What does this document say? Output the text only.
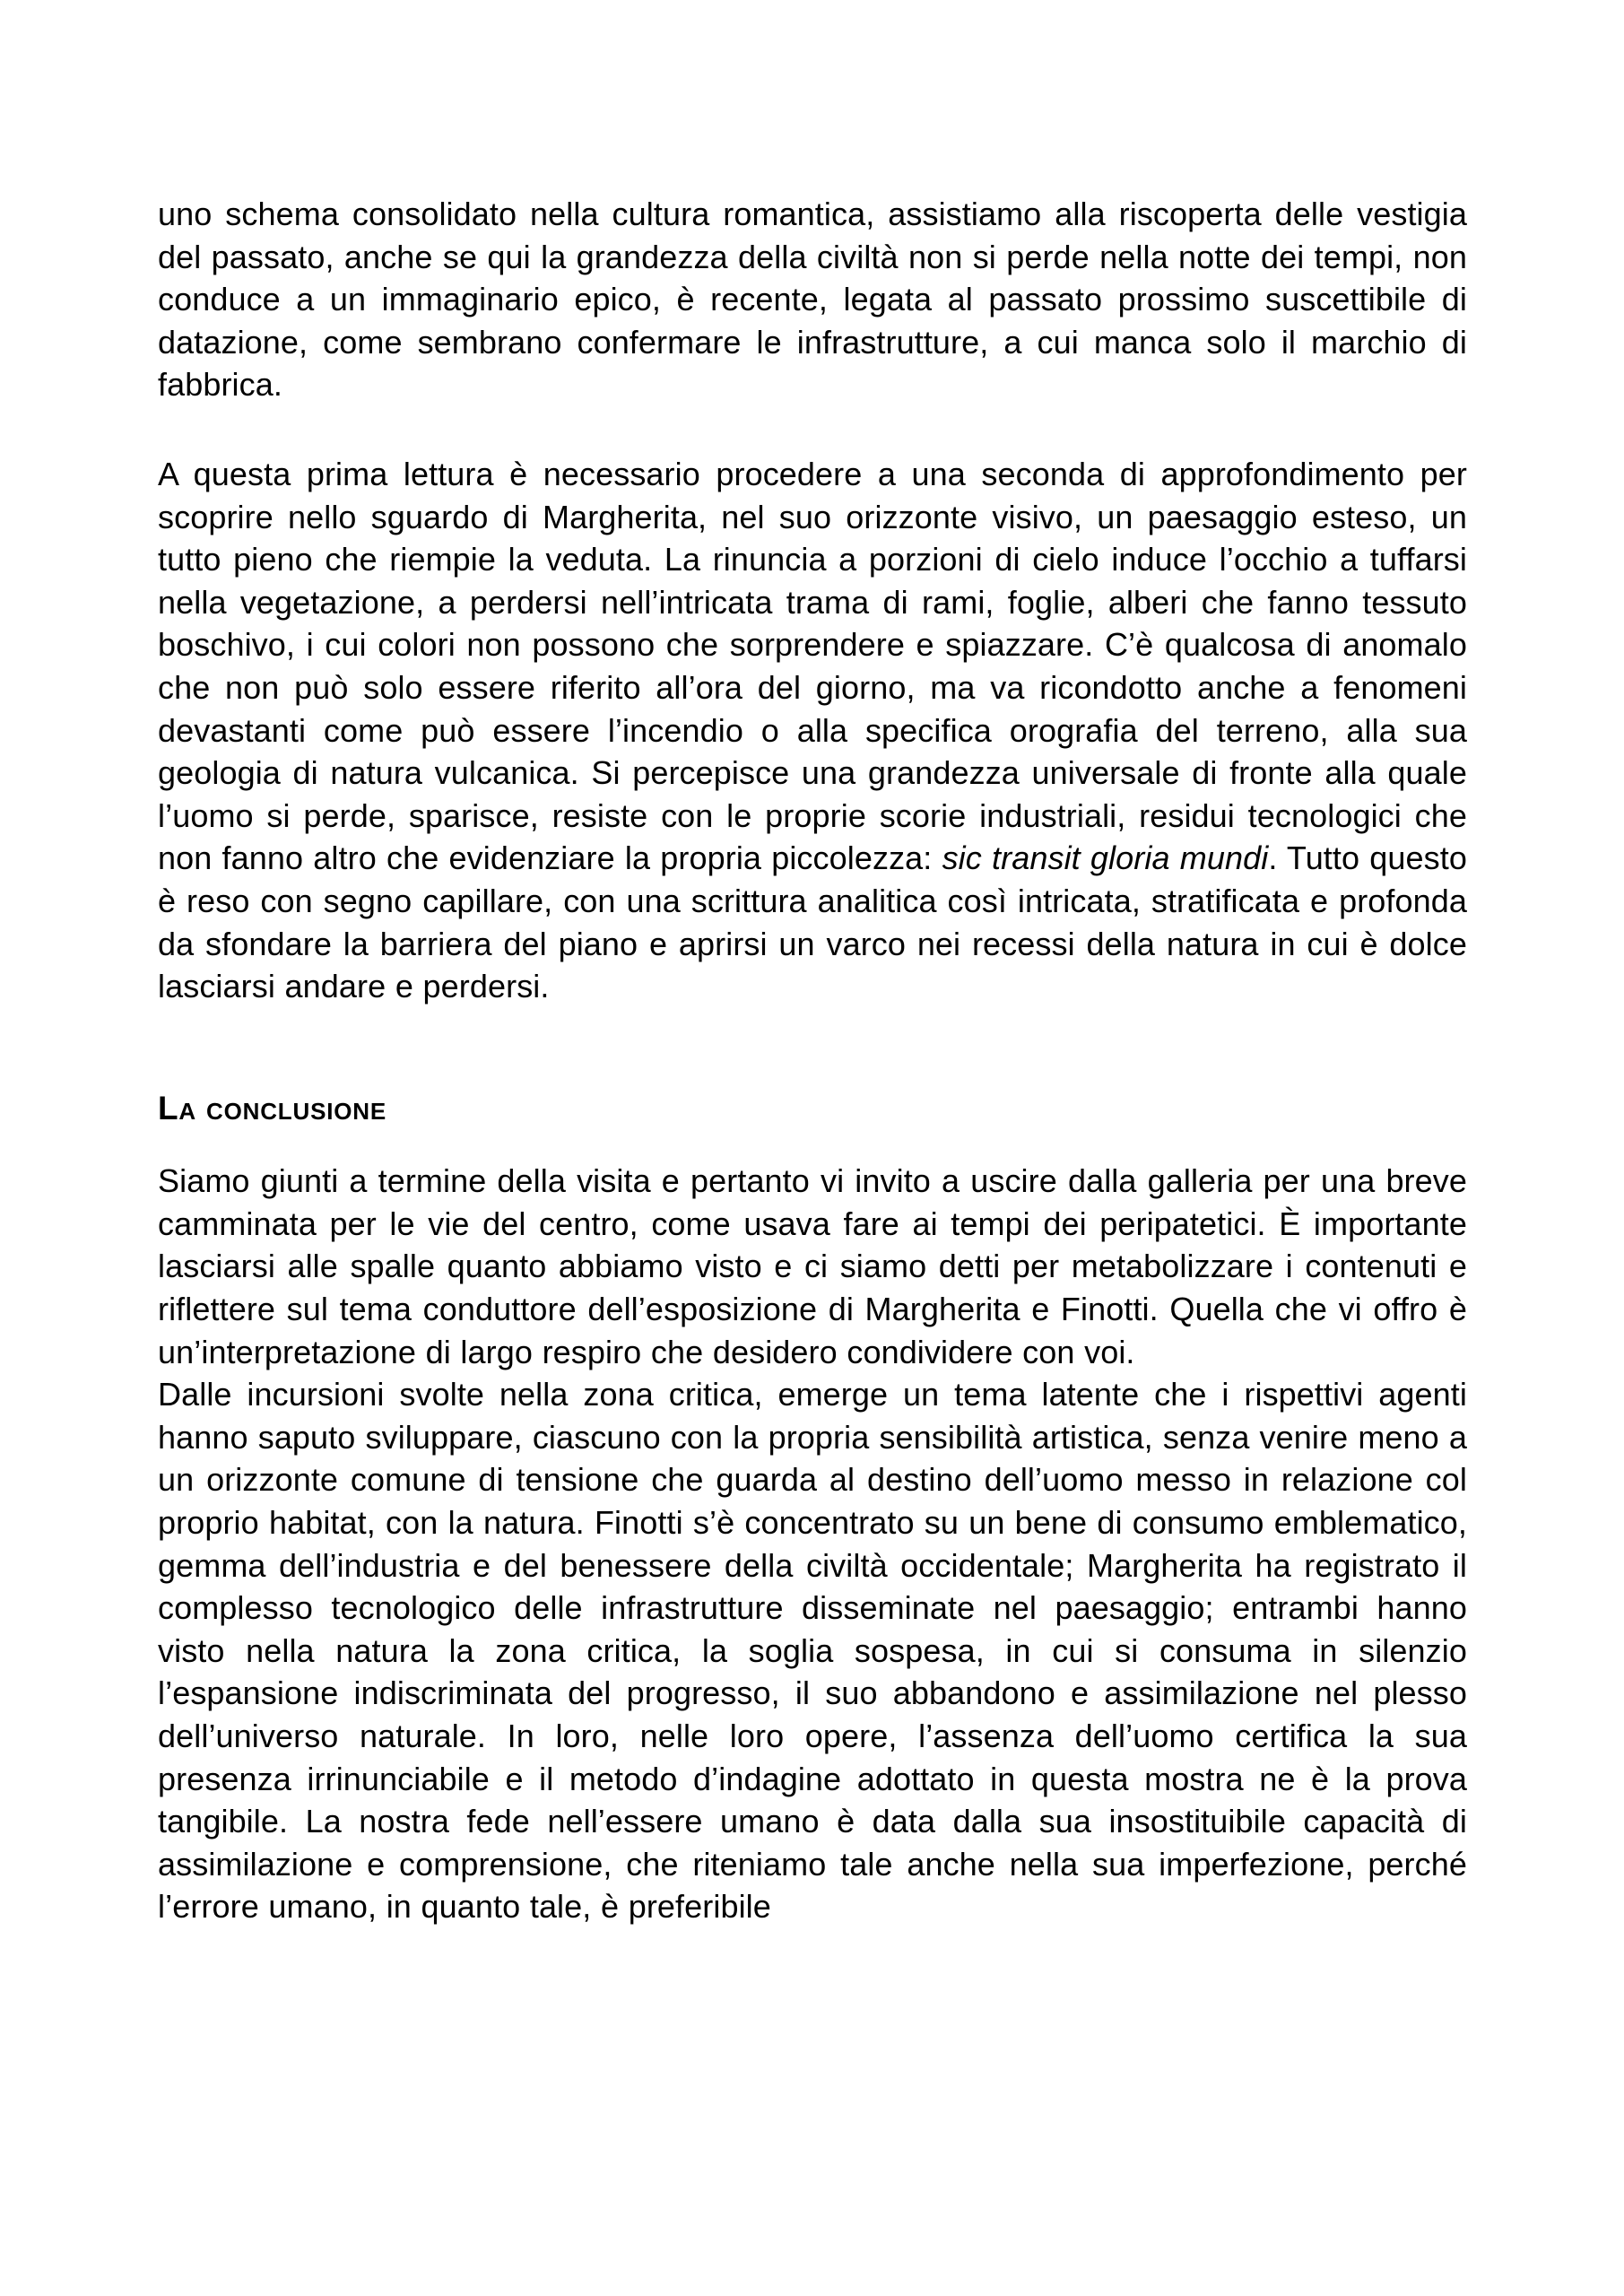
uno schema consolidato nella cultura romantica, assistiamo alla riscoperta delle vestigia del passato, anche se qui la grandezza della civiltà non si perde nella notte dei tempi, non conduce a un immaginario epico, è recente, legata al passato prossimo suscettibile di datazione, come sembrano confermare le infrastrutture, a cui manca solo il marchio di fabbrica.

A questa prima lettura è necessario procedere a una seconda di approfondimento per scoprire nello sguardo di Margherita, nel suo orizzonte visivo, un paesaggio esteso, un tutto pieno che riempie la veduta. La rinuncia a porzioni di cielo induce l’occhio a tuffarsi nella vegetazione, a perdersi nell’intricata trama di rami, foglie, alberi che fanno tessuto boschivo, i cui colori non possono che sorprendere e spiazzare. C’è qualcosa di anomalo che non può solo essere riferito all’ora del giorno, ma va ricondotto anche a fenomeni devastanti come può essere l’incendio o alla specifica orografia del terreno, alla sua geologia di natura vulcanica. Si percepisce una grandezza universale di fronte alla quale l’uomo si perde, sparisce, resiste con le proprie scorie industriali, residui tecnologici che non fanno altro che evidenziare la propria piccolezza: sic transit gloria mundi. Tutto questo è reso con segno capillare, con una scrittura analitica così intricata, stratificata e profonda da sfondare la barriera del piano e aprirsi un varco nei recessi della natura in cui è dolce lasciarsi andare e perdersi.

La conclusione

Siamo giunti a termine della visita e pertanto vi invito a uscire dalla galleria per una breve camminata per le vie del centro, come usava fare ai tempi dei peripatetici. È importante lasciarsi alle spalle quanto abbiamo visto e ci siamo detti per metabolizzare i contenuti e riflettere sul tema conduttore dell’esposizione di Margherita e Finotti. Quella che vi offro è un’interpretazione di largo respiro che desidero condividere con voi.

Dalle incursioni svolte nella zona critica, emerge un tema latente che i rispettivi agenti hanno saputo sviluppare, ciascuno con la propria sensibilità artistica, senza venire meno a un orizzonte comune di tensione che guarda al destino dell’uomo messo in relazione col proprio habitat, con la natura. Finotti s’è concentrato su un bene di consumo emblematico, gemma dell’industria e del benessere della civiltà occidentale; Margherita ha registrato il complesso tecnologico delle infrastrutture disseminate nel paesaggio; entrambi hanno visto nella natura la zona critica, la soglia sospesa, in cui si consuma in silenzio l’espansione indiscriminata del progresso, il suo abbandono e assimilazione nel plesso dell’universo naturale. In loro, nelle loro opere, l’assenza dell’uomo certifica la sua presenza irrinunciabile e il metodo d’indagine adottato in questa mostra ne è la prova tangibile. La nostra fede nell’essere umano è data dalla sua insostituibile capacità di assimilazione e comprensione, che riteniamo tale anche nella sua imperfezione, perché l’errore umano, in quanto tale, è preferibile
